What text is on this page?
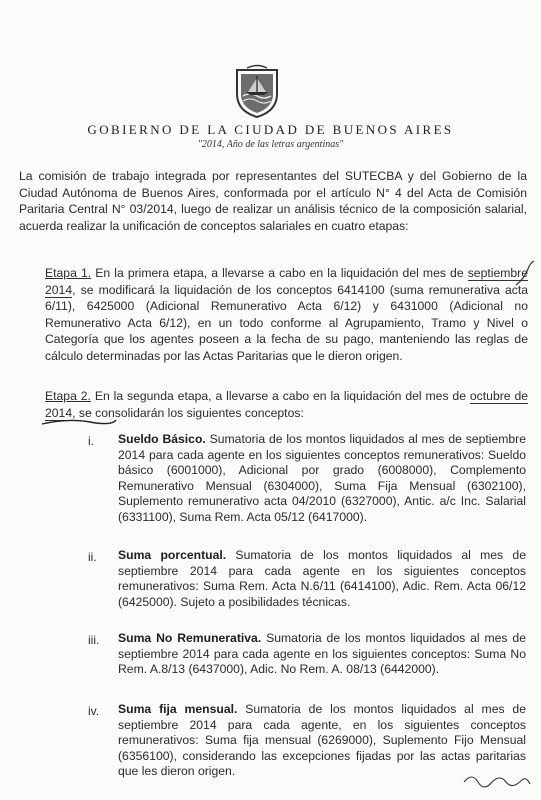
GOBIERNO DE LA CIUDAD DE BUENOS AIRES
"2014, Año de las letras argentinas"
La comisión de trabajo integrada por representantes del SUTECBA y del Gobierno de la Ciudad Autónoma de Buenos Aires, conformada por el artículo N° 4 del Acta de Comisión Paritaria Central N° 03/2014, luego de realizar un análisis técnico de la composición salarial, acuerda realizar la unificación de conceptos salariales en cuatro etapas:
Etapa 1. En la primera etapa, a llevarse a cabo en la liquidación del mes de septiembre 2014, se modificará la liquidación de los conceptos 6414100 (suma remunerativa acta 6/11), 6425000 (Adicional Remunerativo Acta 6/12) y 6431000 (Adicional no Remunerativo Acta 6/12), en un todo conforme al Agrupamiento, Tramo y Nivel o Categoría que los agentes poseen a la fecha de su pago, manteniendo las reglas de cálculo determinadas por las Actas Paritarias que le dieron origen.
Etapa 2. En la segunda etapa, a llevarse a cabo en la liquidación del mes de octubre de 2014, se consolidarán los siguientes conceptos:
i. Sueldo Básico. Sumatoria de los montos liquidados al mes de septiembre 2014 para cada agente en los siguientes conceptos remunerativos: Sueldo básico (6001000), Adicional por grado (6008000), Complemento Remunerativo Mensual (6304000), Suma Fija Mensual (6302100), Suplemento remunerativo acta 04/2010 (6327000), Antic. a/c Inc. Salarial (6331100), Suma Rem. Acta 05/12 (6417000).
ii. Suma porcentual. Sumatoria de los montos liquidados al mes de septiembre 2014 para cada agente en los siguientes conceptos remunerativos: Suma Rem. Acta N.6/11 (6414100), Adic. Rem. Acta 06/12 (6425000). Sujeto a posibilidades técnicas.
iii. Suma No Remunerativa. Sumatoria de los montos liquidados al mes de septiembre 2014 para cada agente en los siguientes conceptos: Suma No Rem. A.8/13 (6437000), Adic. No Rem. A. 08/13 (6442000).
iv. Suma fija mensual. Sumatoria de los montos liquidados al mes de septiembre 2014 para cada agente, en los siguientes conceptos remunerativos: Suma fija mensual (6269000), Suplemento Fijo Mensual (6356100), considerando las excepciones fijadas por las actas paritarias que les dieron origen.
